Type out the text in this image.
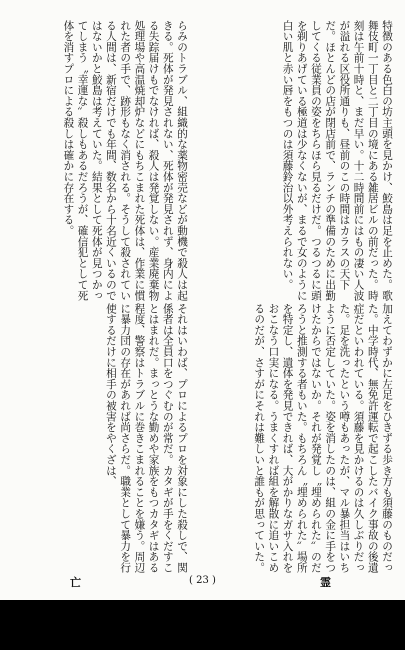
特徴のある色白の坊主頭を見かけ、鮫島は足を止めた。歌舞伎町一丁目と二丁目の境にある雑居ビルの前だった。時刻は午前十時と、まだ早い。十二時間前にはもの凄い人波が溢れる区役所通りも、昼前のこの時間はカラスの天下だ。ほとんどの店が閉店前で、ランチの準備のために出勤してくる従業員の姿をちらほら見るだけだ。つるつるに頭を剃りあげている極道は少なくないが、まるで女のように白い肌と赤い唇をもつのは須藤鈴治以外考えられない。
らみのトラブル、組織的な薬物密売などが動機で殺人は起きる。死体が発見されない、死体が発見されず、身内による失踪届けもでなければ、殺人は発覚しない。産業廃棄物処理場や高温焼却炉などにもちこまれた死体は、作業に慣れた者の手で、跡形もなく消される。そうして殺されている人間は、新宿だけでも年間、数名から十名近くいるのではないかと鮫島は考えていた。結果として死体が見つかってしまう〝幸運な〟殺しもあるだろうが、確信犯として死体を消すプロによる殺しは確かに存在する。
加えてわずかに左足をひきずる歩き方も須藤のものだった。中学時代、無免許運転で起こしたバイク事故の後遺症だといわれている。須藤を見かけるのは久しぶりだった。足を洗ったという噂もあったが、マル暴担当はいちように否定していた。姿を消したのは、組の金に手をつけたからではないか。それが発覚し〝埋められた〟のだろうと推測する者もいた。もちろん〝埋められた〟場所を特定し、遺体を発見できれば、大がかりなガサ入れをおこなう口実になる。うまくすれば組を解散に追いこめるのだが、さすがにそれは難しいと誰もが思っていた。
それはいわば、プロによるプロを対象にした殺しで、関係者は全員口をつぐむのが常だ。カタギが手をくだすことはまれだ。まっとうな勤めや家族をもつカタギはある程度、警察はトラブルに巻きこまれることを嫌う。周辺に暴力団の存在があれば尚さらだ。職業として暴力を行使するだけに相手の被害をやくざは、
亡	( 23 )	霊
